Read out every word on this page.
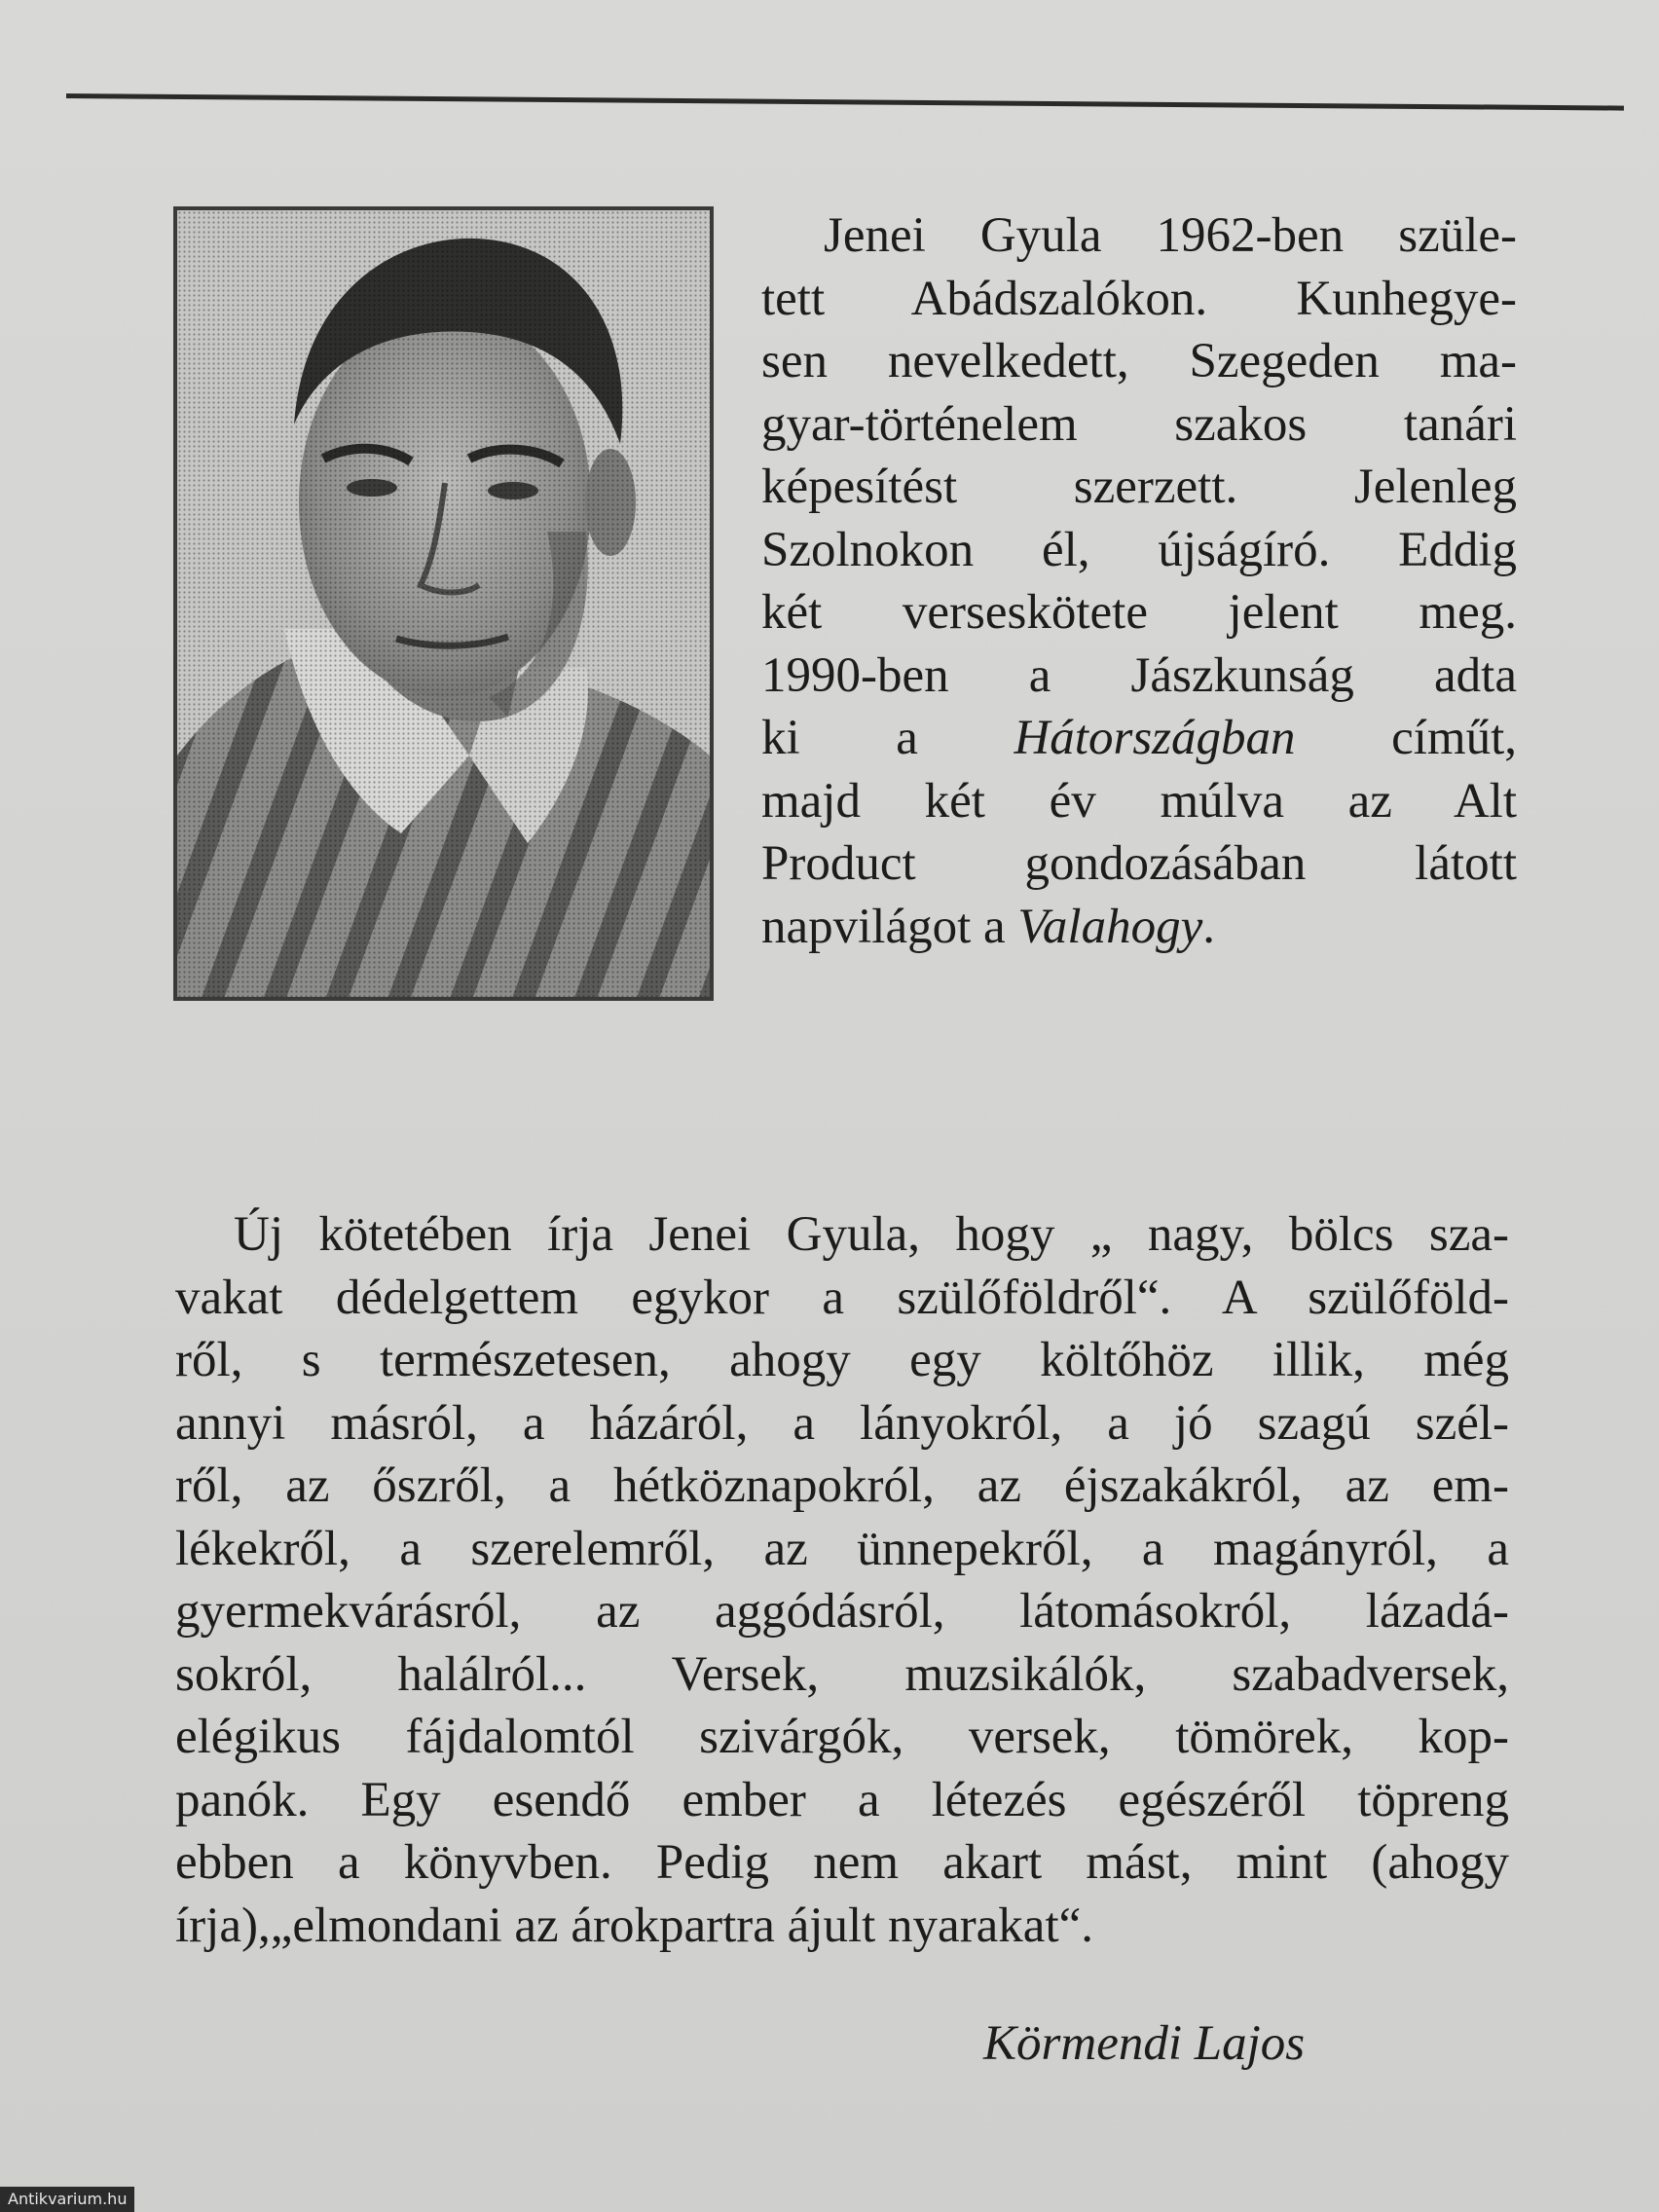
Jenei Gyula 1962-ben szüle-
tett Abádszalókon. Kunhegye-
sen nevelkedett, Szegeden ma-
gyar-történelem szakos tanári
képesítést szerzett. Jelenleg
Szolnokon él, újságíró. Eddig
két verseskötete jelent meg.
1990-ben a Jászkunság adta
ki a Hátországban címűt,
majd két év múlva az Alt
Product gondozásában látott
napvilágot a Valahogy.
Új kötetében írja Jenei Gyula, hogy „ nagy, bölcs sza-
vakat dédelgettem egykor a szülőföldről“. A szülőföld-
ről, s természetesen, ahogy egy költőhöz illik, még
annyi másról, a házáról, a lányokról, a jó szagú szél-
ről, az őszről, a hétköznapokról, az éjszakákról, az em-
lékekről, a szerelemről, az ünnepekről, a magányról, a
gyermekvárásról, az aggódásról, látomásokról, lázadá-
sokról, halálról... Versek, muzsikálók, szabadversek,
elégikus fájdalomtól szivárgók, versek, tömörek, kop-
panók. Egy esendő ember a létezés egészéről töpreng
ebben a könyvben. Pedig nem akart mást, mint (ahogy
írja),„elmondani az árokpartra ájult nyarakat“.
Körmendi Lajos
Antikvarium.hu
